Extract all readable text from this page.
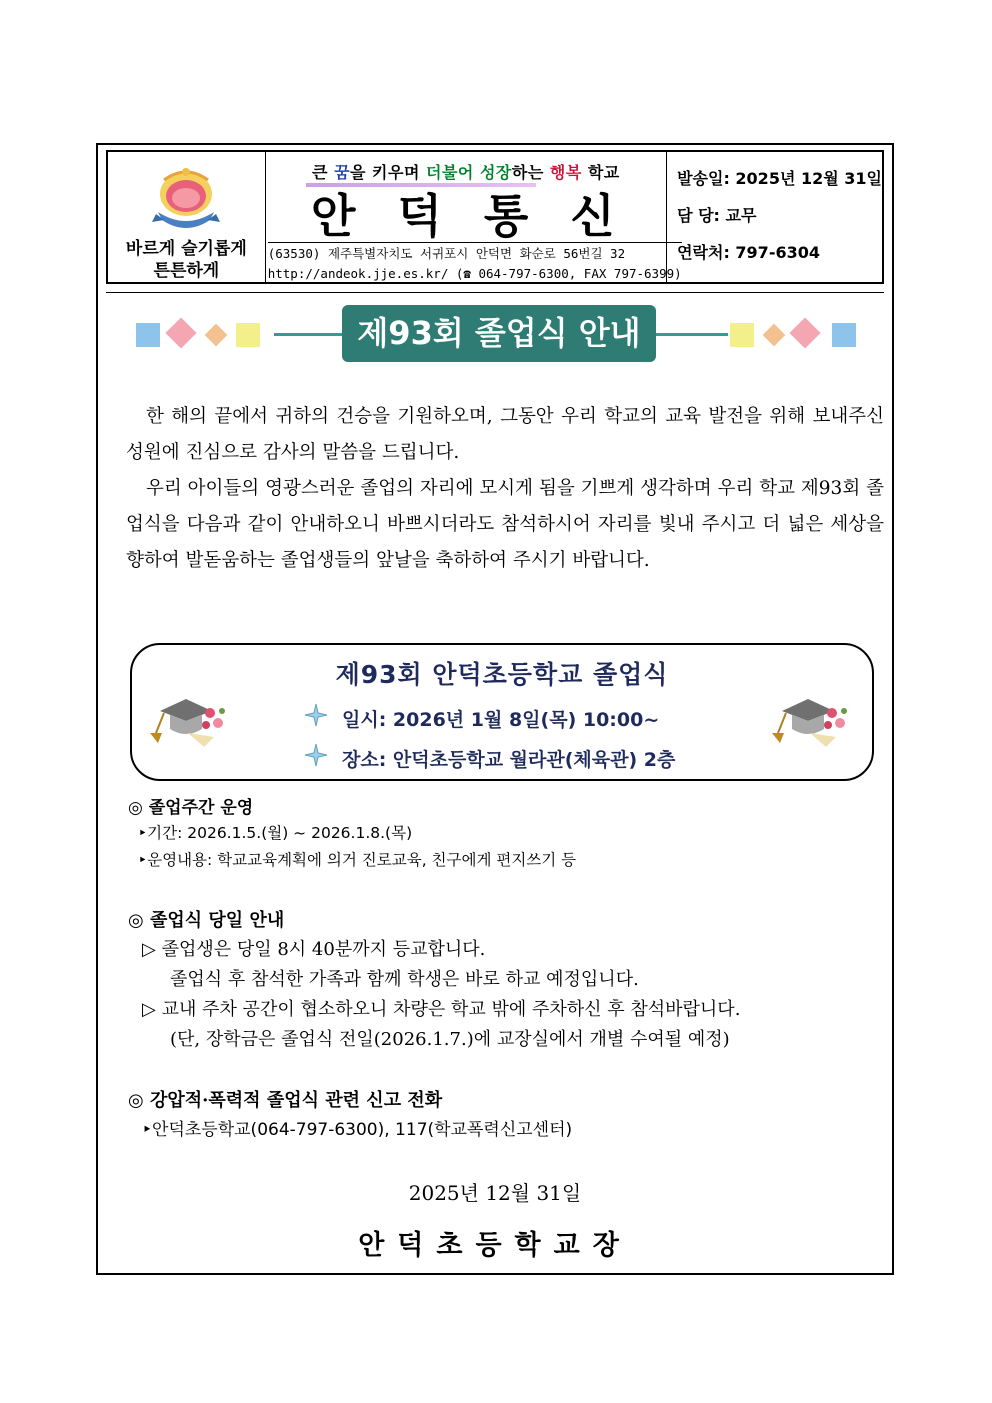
바르게 슬기롭게
튼튼하게
큰 꿈을 키우며 더불어 성장하는 행복 학교
안덕통신
(63530) 제주특별자치도 서귀포시 안덕면 화순로 56번길 32
http://andeok.jje.es.kr/ (☎ 064-797-6300, FAX 797-6399)
발송일: 2025년 12월 31일
담 당: 교무
연락처: 797-6304
제93회 졸업식 안내

한 해의 끝에서 귀하의 건승을 기원하오며, 그동안 우리 학교의 교육 발전을 위해 보내주신 성원에 진심으로 감사의 말씀을 드립니다.

우리 아이들의 영광스러운 졸업의 자리에 모시게 됨을 기쁘게 생각하며 우리 학교 제93회 졸업식을 다음과 같이 안내하오니 바쁘시더라도 참석하시어 자리를 빛내 주시고 더 넓은 세상을 향하여 발돋움하는 졸업생들의 앞날을 축하하여 주시기 바랍니다.

제93회 안덕초등학교 졸업식
일시: 2026년 1월 8일(목) 10:00~
장소: 안덕초등학교 월라관(체육관) 2층
◎ 졸업주간 운영
‣기간: 2026.1.5.(월) ~ 2026.1.8.(목)
‣운영내용: 학교교육계획에 의거 진로교육, 친구에게 편지쓰기 등
◎ 졸업식 당일 안내
▷ 졸업생은 당일 8시 40분까지 등교합니다.
졸업식 후 참석한 가족과 함께 학생은 바로 하교 예정입니다.
▷ 교내 주차 공간이 협소하오니 차량은 학교 밖에 주차하신 후 참석바랍니다.
(단, 장학금은 졸업식 전일(2026.1.7.)에 교장실에서 개별 수여될 예정)
◎ 강압적·폭력적 졸업식 관련 신고 전화
‣안덕초등학교(064-797-6300), 117(학교폭력신고센터)
2025년 12월 31일
안덕초등학교장
